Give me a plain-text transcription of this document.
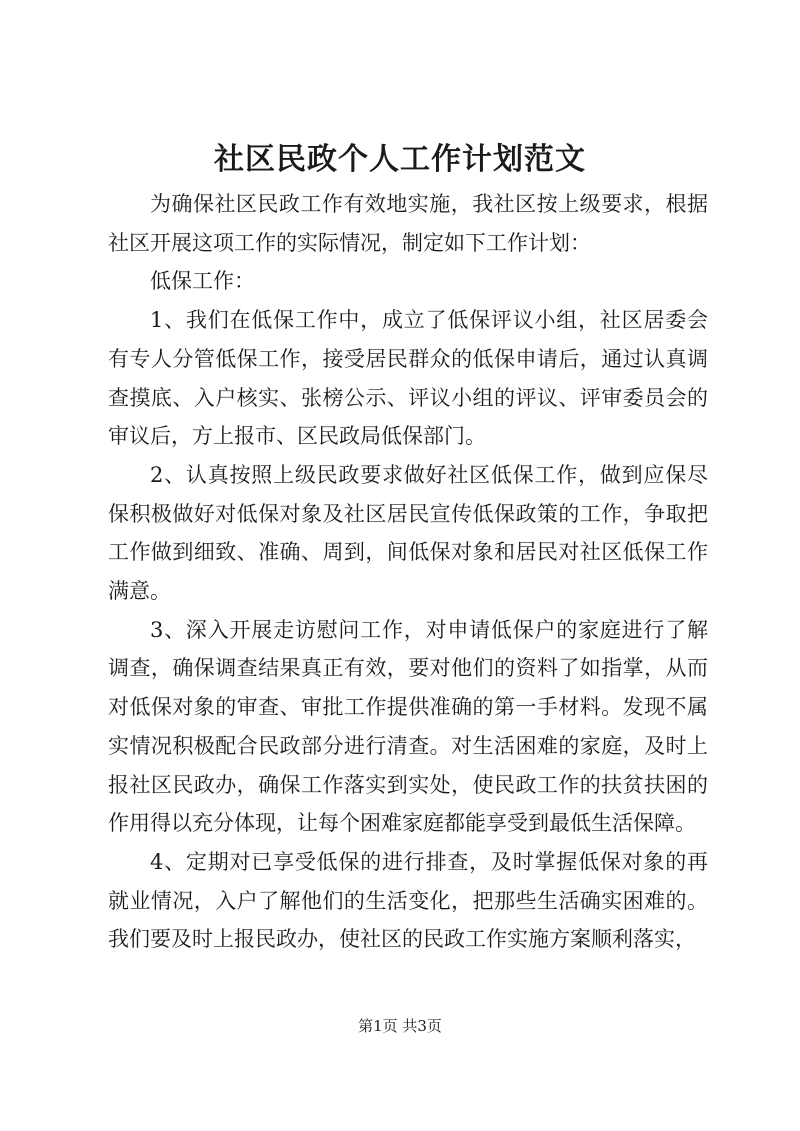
社区民政个人工作计划范文

为确保社区民政工作有效地实施，我社区按上级要求，根据社区开展这项工作的实际情况，制定如下工作计划：

低保工作：

1、我们在低保工作中，成立了低保评议小组，社区居委会有专人分管低保工作，接受居民群众的低保申请后，通过认真调查摸底、入户核实、张榜公示、评议小组的评议、评审委员会的审议后，方上报市、区民政局低保部门。

2、认真按照上级民政要求做好社区低保工作，做到应保尽保积极做好对低保对象及社区居民宣传低保政策的工作，争取把工作做到细致、准确、周到，间低保对象和居民对社区低保工作满意。

3、深入开展走访慰问工作，对申请低保户的家庭进行了解调查，确保调查结果真正有效，要对他们的资料了如指掌，从而对低保对象的审查、审批工作提供准确的第一手材料。发现不属实情况积极配合民政部分进行清查。对生活困难的家庭，及时上报社区民政办，确保工作落实到实处，使民政工作的扶贫扶困的作用得以充分体现，让每个困难家庭都能享受到最低生活保障。

4、定期对已享受低保的进行排查，及时掌握低保对象的再就业情况，入户了解他们的生活变化，把那些生活确实困难的。我们要及时上报民政办，使社区的民政工作实施方案顺利落实，

第1页 共3页
